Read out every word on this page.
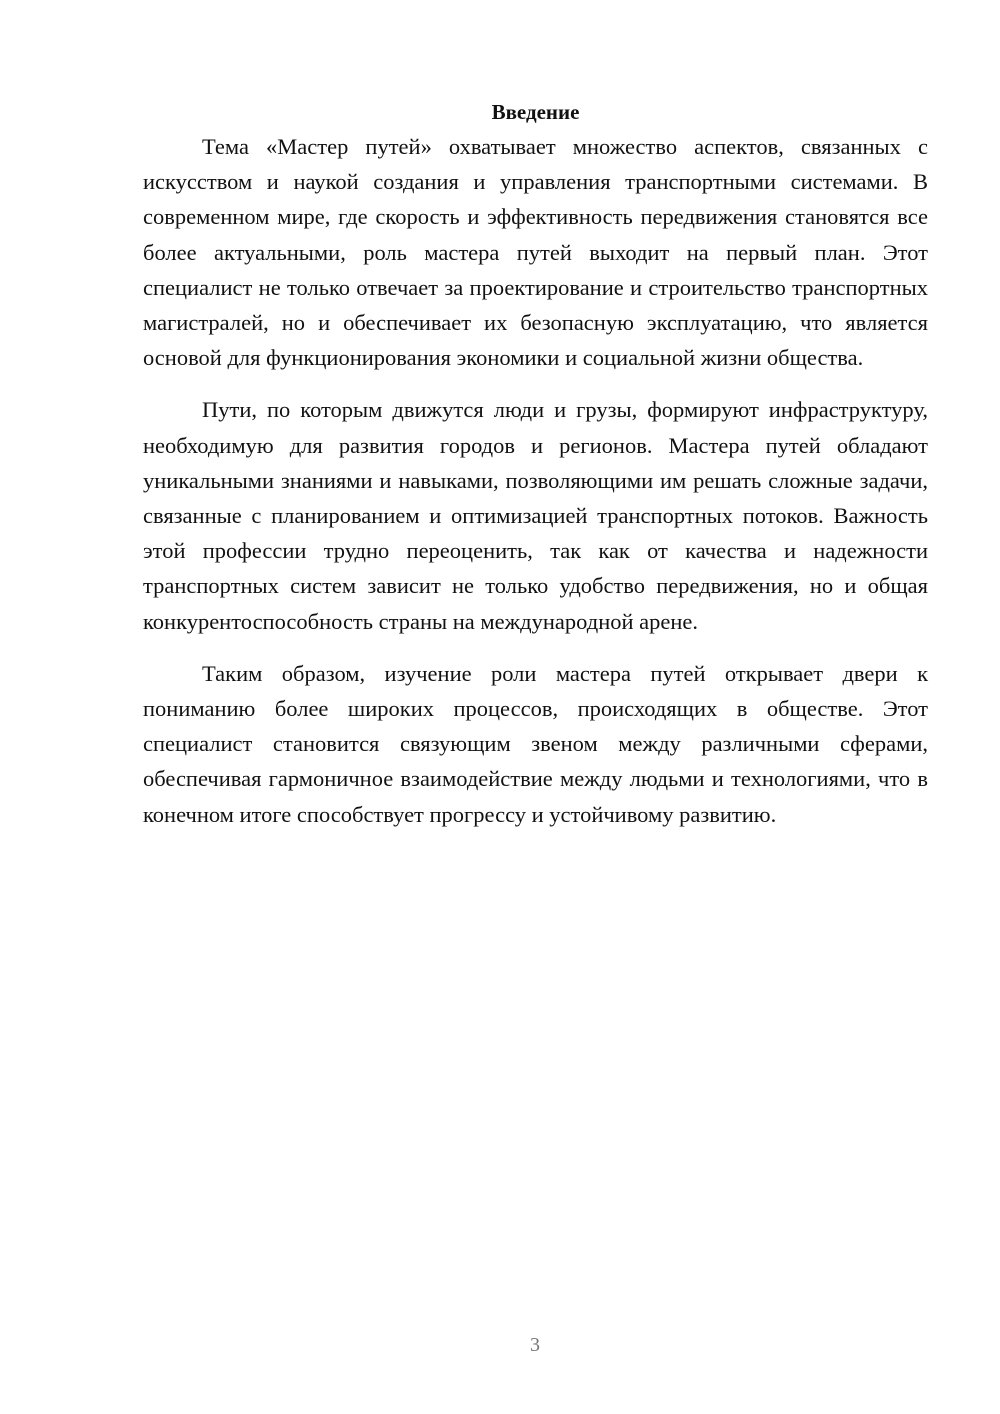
Введение

Тема «Мастер путей» охватывает множество аспектов, связанных с искусством и наукой создания и управления транспортными системами. В современном мире, где скорость и эффективность передвижения становятся все более актуальными, роль мастера путей выходит на первый план. Этот специалист не только отвечает за проектирование и строительство транспортных магистралей, но и обеспечивает их безопасную эксплуатацию, что является основой для функционирования экономики и социальной жизни общества.

Пути, по которым движутся люди и грузы, формируют инфраструктуру, необходимую для развития городов и регионов. Мастера путей обладают уникальными знаниями и навыками, позволяющими им решать сложные задачи, связанные с планированием и оптимизацией транспортных потоков. Важность этой профессии трудно переоценить, так как от качества и надежности транспортных систем зависит не только удобство передвижения, но и общая конкурентоспособность страны на международной арене.

Таким образом, изучение роли мастера путей открывает двери к пониманию более широких процессов, происходящих в обществе. Этот специалист становится связующим звеном между различными сферами, обеспечивая гармоничное взаимодействие между людьми и технологиями, что в конечном итоге способствует прогрессу и устойчивому развитию.

3
